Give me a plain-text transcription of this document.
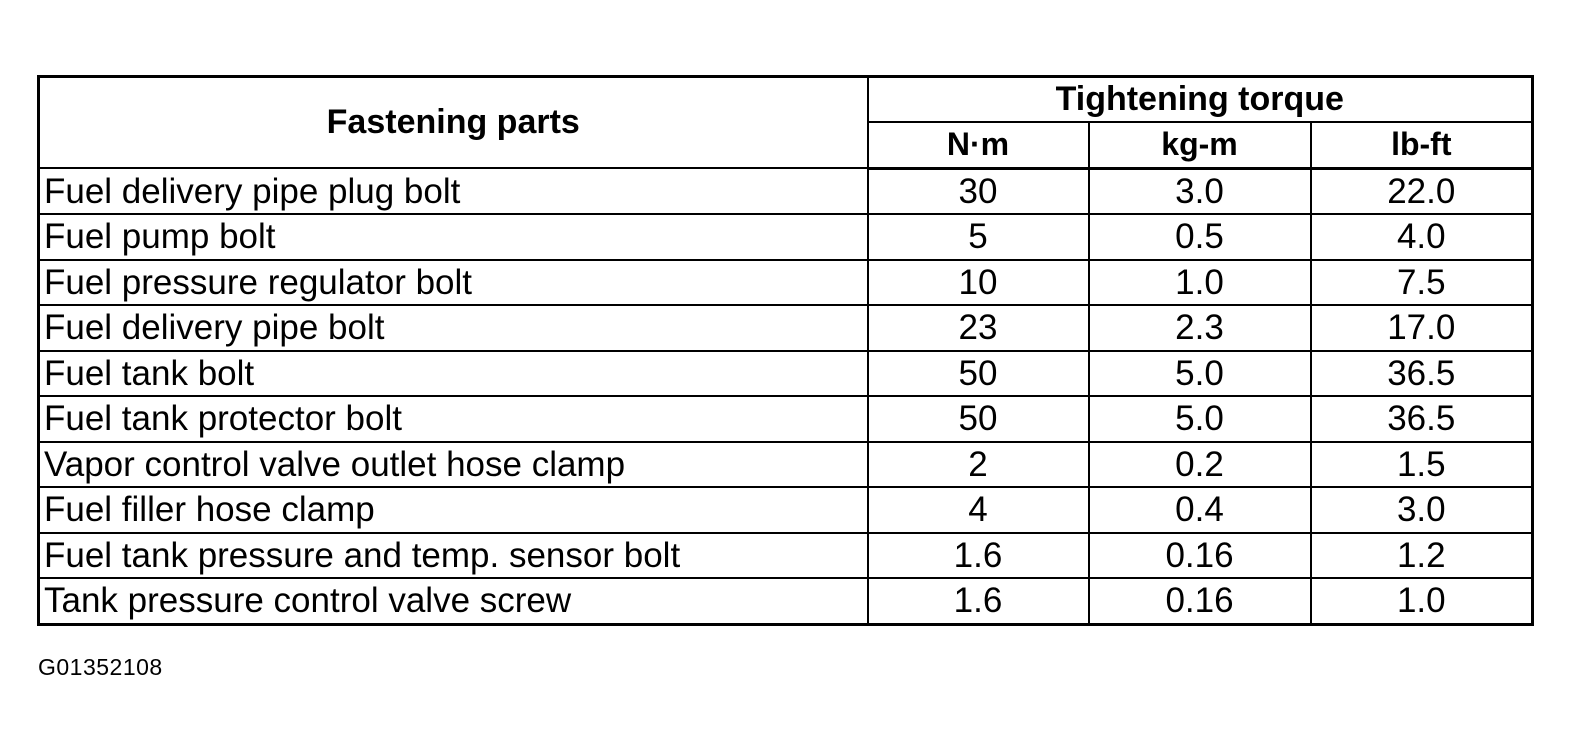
Fastening parts	Tightening torque		
	N·m	kg-m	lb-ft
Fuel delivery pipe plug bolt	30	3.0	22.0
Fuel pump bolt	5	0.5	4.0
Fuel pressure regulator bolt	10	1.0	7.5
Fuel delivery pipe bolt	23	2.3	17.0
Fuel tank bolt	50	5.0	36.5
Fuel tank protector bolt	50	5.0	36.5
Vapor control valve outlet hose clamp	2	0.2	1.5
Fuel filler hose clamp	4	0.4	3.0
Fuel tank pressure and temp. sensor bolt	1.6	0.16	1.2
Tank pressure control valve screw	1.6	0.16	1.0
G01352108
